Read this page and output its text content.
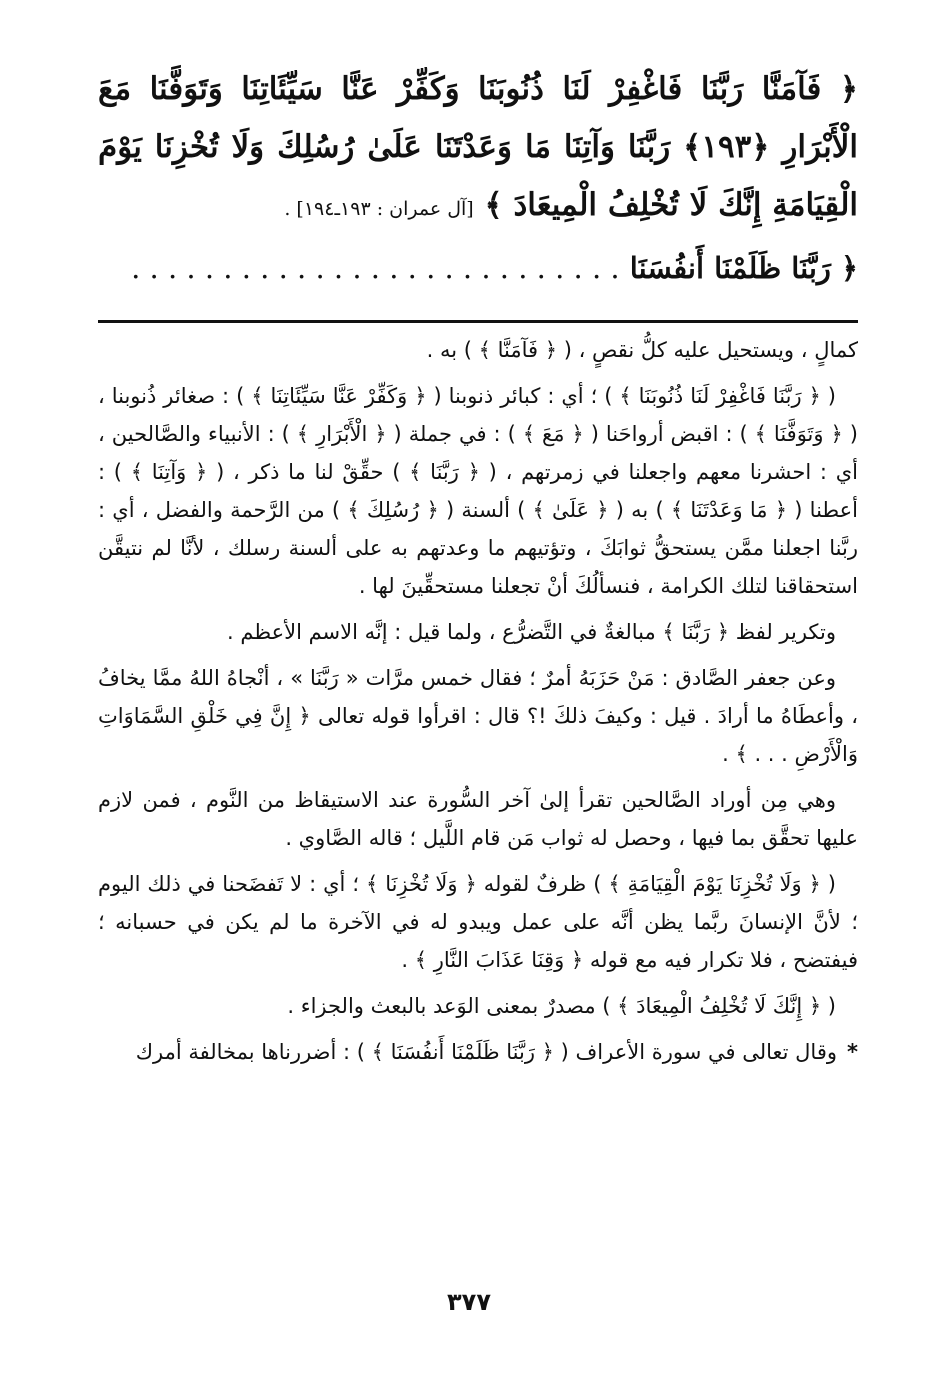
﴿ فَآمَنَّا رَبَّنَا فَاغْفِرْ لَنَا ذُنُوبَنَا وَكَفِّرْ عَنَّا سَيِّئَاتِنَا وَتَوَفَّنَا مَعَ الْأَبْرَارِ ﴿١٩٣﴾ رَبَّنَا وَآتِنَا مَا وَعَدْتَنَا عَلَىٰ رُسُلِكَ وَلَا تُخْزِنَا يَوْمَ الْقِيَامَةِ إِنَّكَ لَا تُخْلِفُ الْمِيعَادَ ﴾ [آل عمران : ١٩٣ـ١٩٤] .
﴿ رَبَّنَا ظَلَمْنَا أَنفُسَنَا . . . . . . . . . . . . . . . . . . . . . . . . . . .

كمالٍ ، ويستحيل عليه كلُّ نقصٍ ، ( ﴿ فَآمَنَّا ﴾ ) به .

( ﴿ رَبَّنَا فَاغْفِرْ لَنَا ذُنُوبَنَا ﴾ ) ؛ أي : كبائر ذنوبنا ( ﴿ وَكَفِّرْ عَنَّا سَيِّئَاتِنَا ﴾ ) : صغائر ذُنوبنا ، ( ﴿ وَتَوَفَّنَا ﴾ ) : اقبض أرواحَنا ( ﴿ مَعَ ﴾ ) : في جملة ( ﴿ الْأَبْرَارِ ﴾ ) : الأنبياء والصَّالحين ، أي : احشرنا معهم واجعلنا في زمرتهم ، ( ﴿ رَبَّنَا ﴾ ) حقِّقْ لنا ما ذكر ، ( ﴿ وَآتِنَا ﴾ ) : أعطنا ( ﴿ مَا وَعَدْتَنَا ﴾ ) به ( ﴿ عَلَىٰ ﴾ ) ألسنة ( ﴿ رُسُلِكَ ﴾ ) من الرَّحمة والفضل ، أي : ربَّنا اجعلنا ممَّن يستحقُّ ثوابَكَ ، وتؤتيهم ما وعدتهم به على ألسنة رسلك ، لأنَّا لم نتيقَّن استحقاقنا لتلك الكرامة ، فنسألُكَ أنْ تجعلنا مستحقِّينَ لها .

وتكرير لفظ ﴿ رَبَّنَا ﴾ مبالغةٌ في التَّضرُّع ، ولما قيل : إنَّه الاسم الأعظم .

وعن جعفر الصَّادق : مَنْ حَزَبَهُ أمرٌ ؛ فقال خمس مرَّات « رَبَّنَا » ، أنْجاهُ اللهُ ممَّا يخافُ ، وأعطَاهُ ما أرادَ . قيل : وكيفَ ذلكَ !؟ قال : اقرأوا قوله تعالى ﴿ إِنَّ فِي خَلْقِ السَّمَاوَاتِ وَالْأَرْضِ . . . ﴾ .

وهي مِن أوراد الصَّالحين تقرأ إلىٰ آخر السُّورة عند الاستيقاظ من النَّوم ، فمن لازم عليها تحقَّق بما فيها ، وحصل له ثواب مَن قام اللَّيل ؛ قاله الصَّاوي .

( ﴿ وَلَا تُخْزِنَا يَوْمَ الْقِيَامَةِ ﴾ ) ظرفٌ لقوله ﴿ وَلَا تُخْزِنَا ﴾ ؛ أي : لا تَفضَحنا في ذلك اليوم ؛ لأنَّ الإنسانَ ربَّما يظن أنَّه على عمل ويبدو له في الآخرة ما لم يكن في حسبانه ؛ فيفتضح ، فلا تكرار فيه مع قوله ﴿ وَقِنَا عَذَابَ النَّارِ ﴾ .

( ﴿ إِنَّكَ لَا تُخْلِفُ الْمِيعَادَ ﴾ ) مصدرٌ بمعنى الوَعد بالبعث والجزاء .

*وقال تعالى في سورة الأعراف ( ﴿ رَبَّنَا ظَلَمْنَا أَنفُسَنَا ﴾ ) : أضررناها بمخالفة أمرك

٣٧٧
